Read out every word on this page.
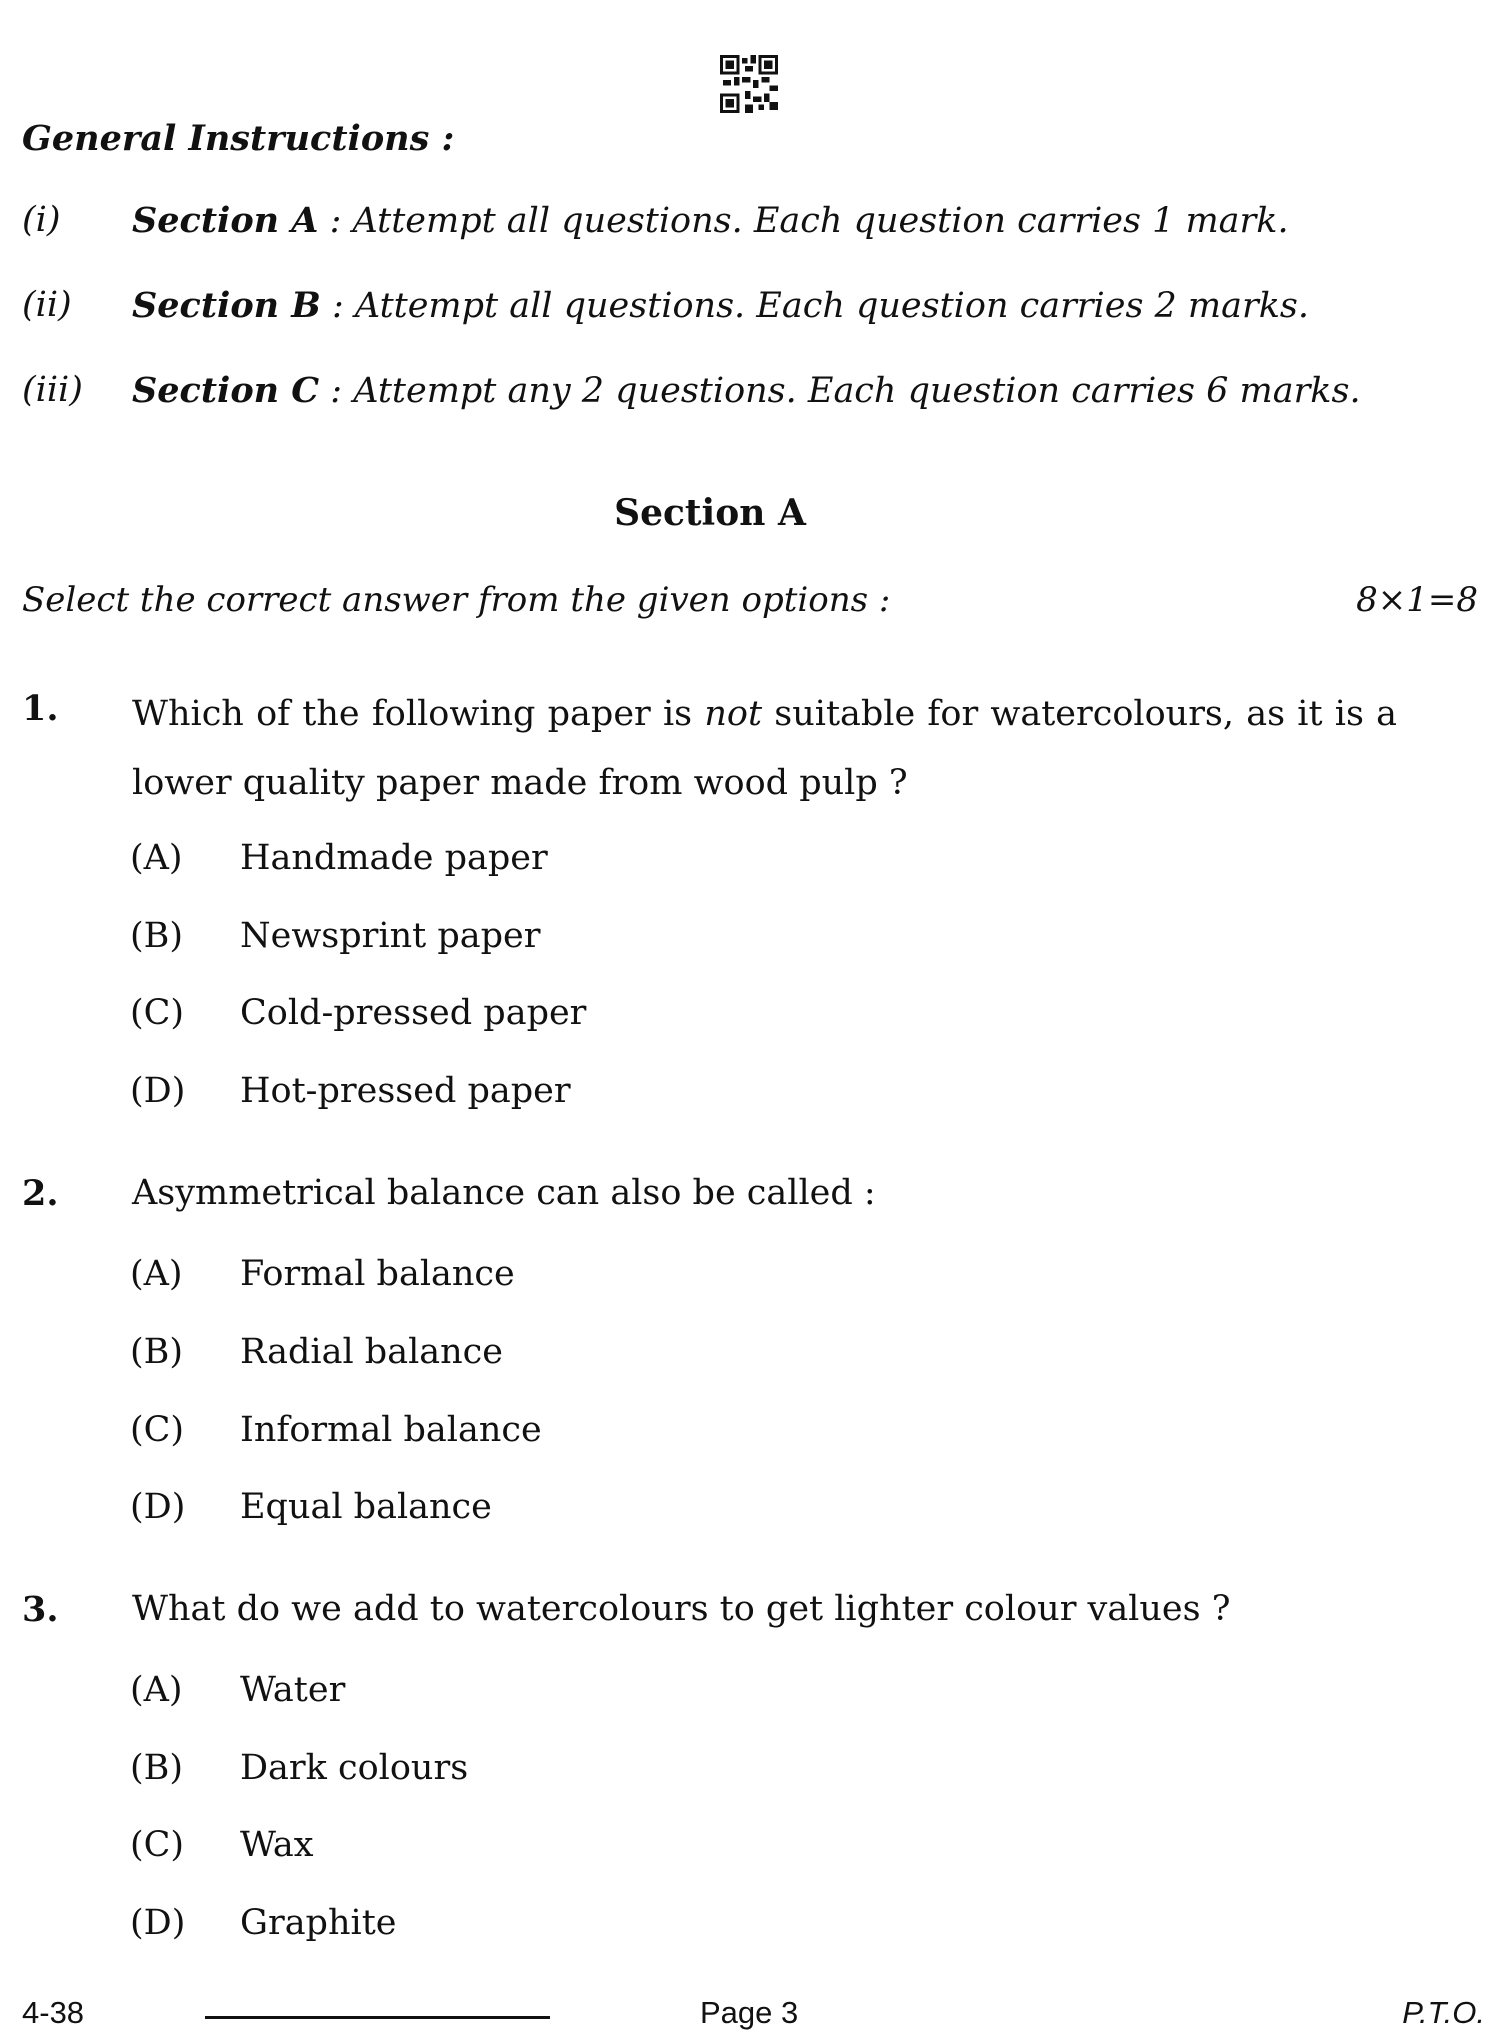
General Instructions :
(i) Section A : Attempt all questions. Each question carries 1 mark.
(ii) Section B : Attempt all questions. Each question carries 2 marks.
(iii) Section C : Attempt any 2 questions. Each question carries 6 marks.
Section A
Select the correct answer from the given options :	8×1=8
1. Which of the following paper is not suitable for watercolours, as it is a lower quality paper made from wood pulp ?
(A) Handmade paper
(B) Newsprint paper
(C) Cold-pressed paper
(D) Hot-pressed paper
2. Asymmetrical balance can also be called :
(A) Formal balance
(B) Radial balance
(C) Informal balance
(D) Equal balance
3. What do we add to watercolours to get lighter colour values ?
(A) Water
(B) Dark colours
(C) Wax
(D) Graphite
4-38	Page 3	P.T.O.
